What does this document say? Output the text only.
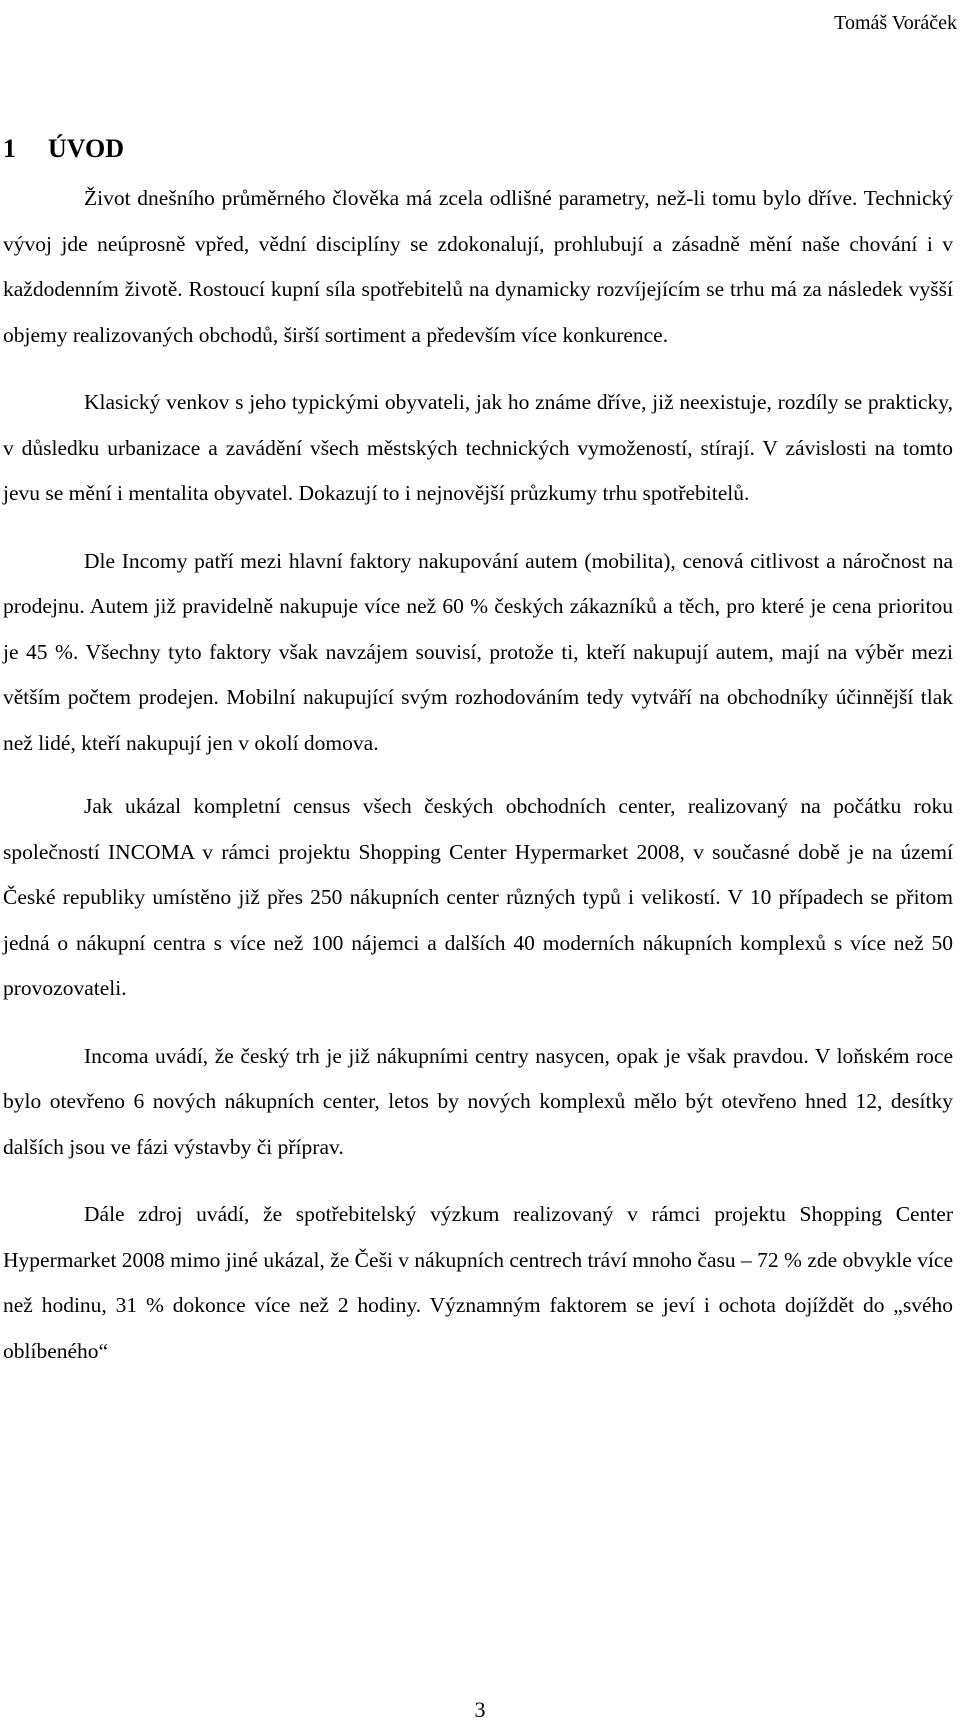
Tomáš Voráček
1 ÚVOD

Život dnešního průměrného člověka má zcela odlišné parametry, než-li tomu bylo dříve. Technický vývoj jde neúprosně vpřed, vědní disciplíny se zdokonalují, prohlubují a zásadně mění naše chování i v každodenním životě. Rostoucí kupní síla spotřebitelů na dynamicky rozvíjejícím se trhu má za následek vyšší objemy realizovaných obchodů, širší sortiment a především více konkurence.

Klasický venkov s jeho typickými obyvateli, jak ho známe dříve, již neexistuje, rozdíly se prakticky, v důsledku urbanizace a zavádění všech městských technických vymožeností, stírají. V závislosti na tomto jevu se mění i mentalita obyvatel. Dokazují to i nejnovější průzkumy trhu spotřebitelů.

Dle Incomy patří mezi hlavní faktory nakupování autem (mobilita), cenová citlivost a náročnost na prodejnu. Autem již pravidelně nakupuje více než 60 % českých zákazníků a těch, pro které je cena prioritou je 45 %. Všechny tyto faktory však navzájem souvisí, protože ti, kteří nakupují autem, mají na výběr mezi větším počtem prodejen. Mobilní nakupující svým rozhodováním tedy vytváří na obchodníky účinnější tlak než lidé, kteří nakupují jen v okolí domova.

Jak ukázal kompletní census všech českých obchodních center, realizovaný na počátku roku společností INCOMA v rámci projektu Shopping Center Hypermarket 2008, v současné době je na území České republiky umístěno již přes 250 nákupních center různých typů i velikostí. V 10 případech se přitom jedná o nákupní centra s více než 100 nájemci a dalších 40 moderních nákupních komplexů s více než 50 provozovateli.

Incoma uvádí, že český trh je již nákupními centry nasycen, opak je však pravdou. V loňském roce bylo otevřeno 6 nových nákupních center, letos by nových komplexů mělo být otevřeno hned 12, desítky dalších jsou ve fázi výstavby či příprav.

Dále zdroj uvádí, že spotřebitelský výzkum realizovaný v rámci projektu Shopping Center Hypermarket 2008 mimo jiné ukázal, že Češi v nákupních centrech tráví mnoho času – 72 % zde obvykle více než hodinu, 31 % dokonce více než 2 hodiny. Významným faktorem se jeví i ochota dojíždět do „svého oblíbeného“

3
